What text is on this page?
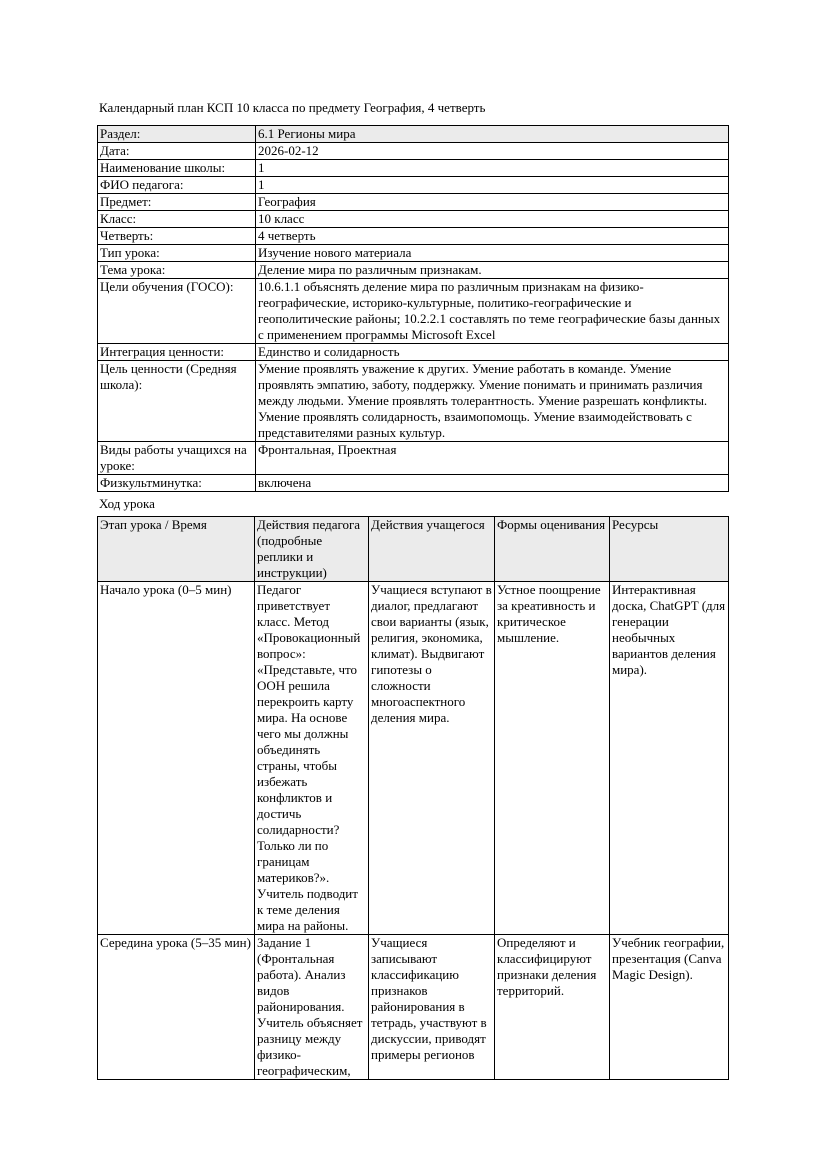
Календарный план КСП 10 класса по предмету География, 4 четверть
Раздел:	6.1 Регионы мира
Дата:	2026-02-12
Наименование школы:	1
ФИО педагога:	1
Предмет:	География
Класс:	10 класс
Четверть:	4 четверть
Тип урока:	Изучение нового материала
Тема урока:	Деление мира по различным признакам.
Цели обучения (ГОСО):	10.6.1.1 объяснять деление мира по различным признакам на физико-географические, историко-культурные, политико-географические и геополитические районы; 10.2.2.1 составлять по теме географические базы данных с применением программы Microsoft Excel
Интеграция ценности:	Единство и солидарность
Цель ценности (Средняя школа):	Умение проявлять уважение к других. Умение работать в команде. Умение проявлять эмпатию, заботу, поддержку. Умение понимать и принимать различия между людьми. Умение проявлять толерантность. Умение разрешать конфликты. Умение проявлять солидарность, взаимопомощь. Умение взаимодействовать с представителями разных культур.
Виды работы учащихся на уроке:	Фронтальная, Проектная
Физкультминутка:	включена
Ход урока
Этап урока / Время	Действия педагога (подробные реплики и инструкции)	Действия учащегося	Формы оценивания	Ресурсы
Начало урока (0–5 мин)	Педагог приветствует класс. Метод «Провокационный вопрос»: «Представьте, что ООН решила перекроить карту мира. На основе чего мы должны объединять страны, чтобы избежать конфликтов и достичь солидарности? Только ли по границам материков?». Учитель подводит к теме деления мира на районы.	Учащиеся вступают в диалог, предлагают свои варианты (язык, религия, экономика, климат). Выдвигают гипотезы о сложности многоаспектного деления мира.	Устное поощрение за креативность и критическое мышление.	Интерактивная доска, ChatGPT (для генерации необычных вариантов деления мира).
Середина урока (5–35 мин)	Задание 1 (Фронтальная работа). Анализ видов районирования. Учитель объясняет разницу между физико-географическим,	Учащиеся записывают классификацию признаков районирования в тетрадь, участвуют в дискуссии, приводят примеры регионов	Определяют и классифицируют признаки деления территорий.	Учебник географии, презентация (Canva Magic Design).
